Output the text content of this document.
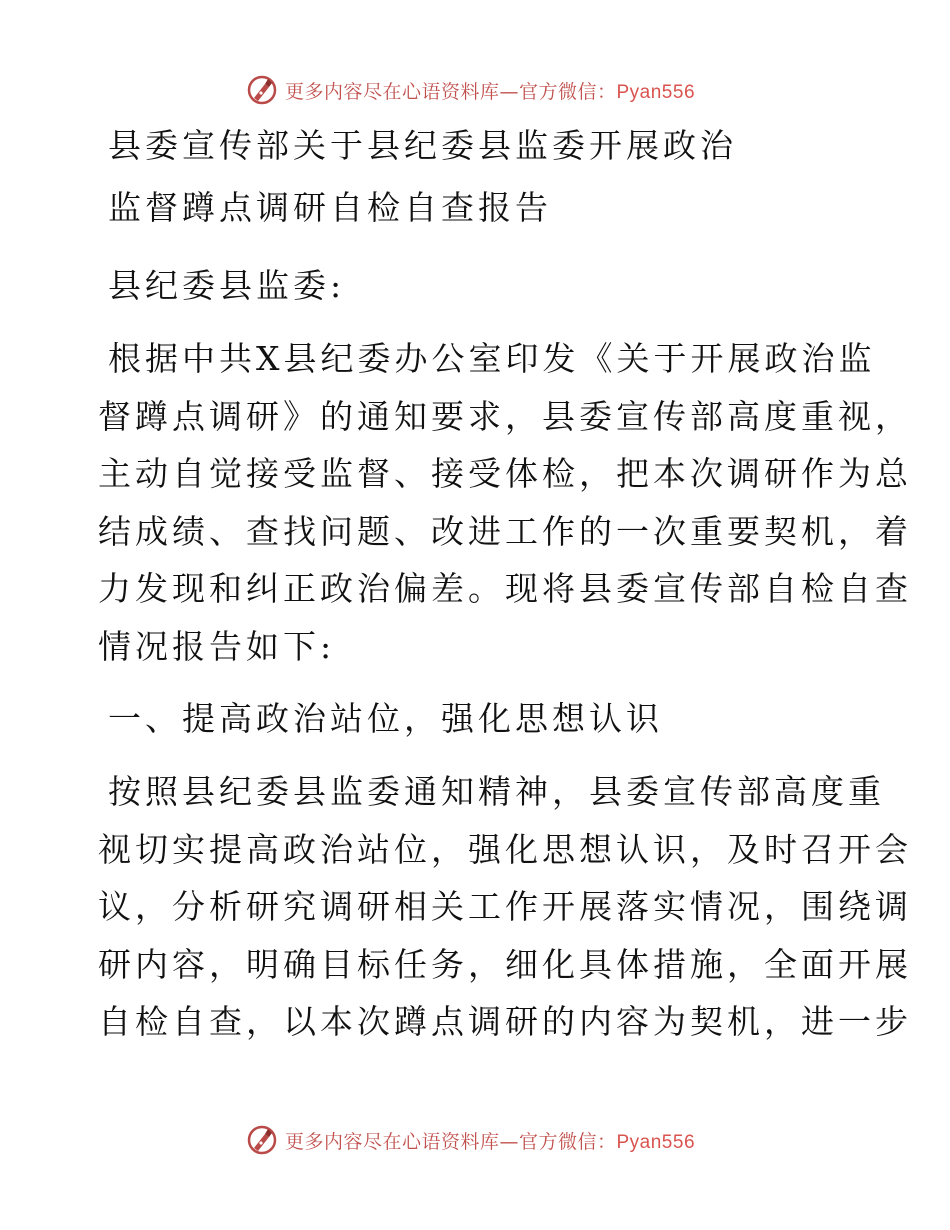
更多内容尽在心语资料库—官方微信：Pyan556

县委宣传部关于县纪委县监委开展政治

监督蹲点调研自检自查报告

县纪委县监委:

根据中共X县纪委办公室印发《关于开展政治监

督蹲点调研》的通知要求，县委宣传部高度重视，

主动自觉接受监督、接受体检，把本次调研作为总

结成绩、查找问题、改进工作的一次重要契机，着

力发现和纠正政治偏差。现将县委宣传部自检自查

情况报告如下:

一、提高政治站位，强化思想认识

按照县纪委县监委通知精神，县委宣传部高度重

视切实提高政治站位，强化思想认识，及时召开会

议，分析研究调研相关工作开展落实情况，围绕调

研内容，明确目标任务，细化具体措施，全面开展

自检自查，以本次蹲点调研的内容为契机，进一步

更多内容尽在心语资料库—官方微信：Pyan556
